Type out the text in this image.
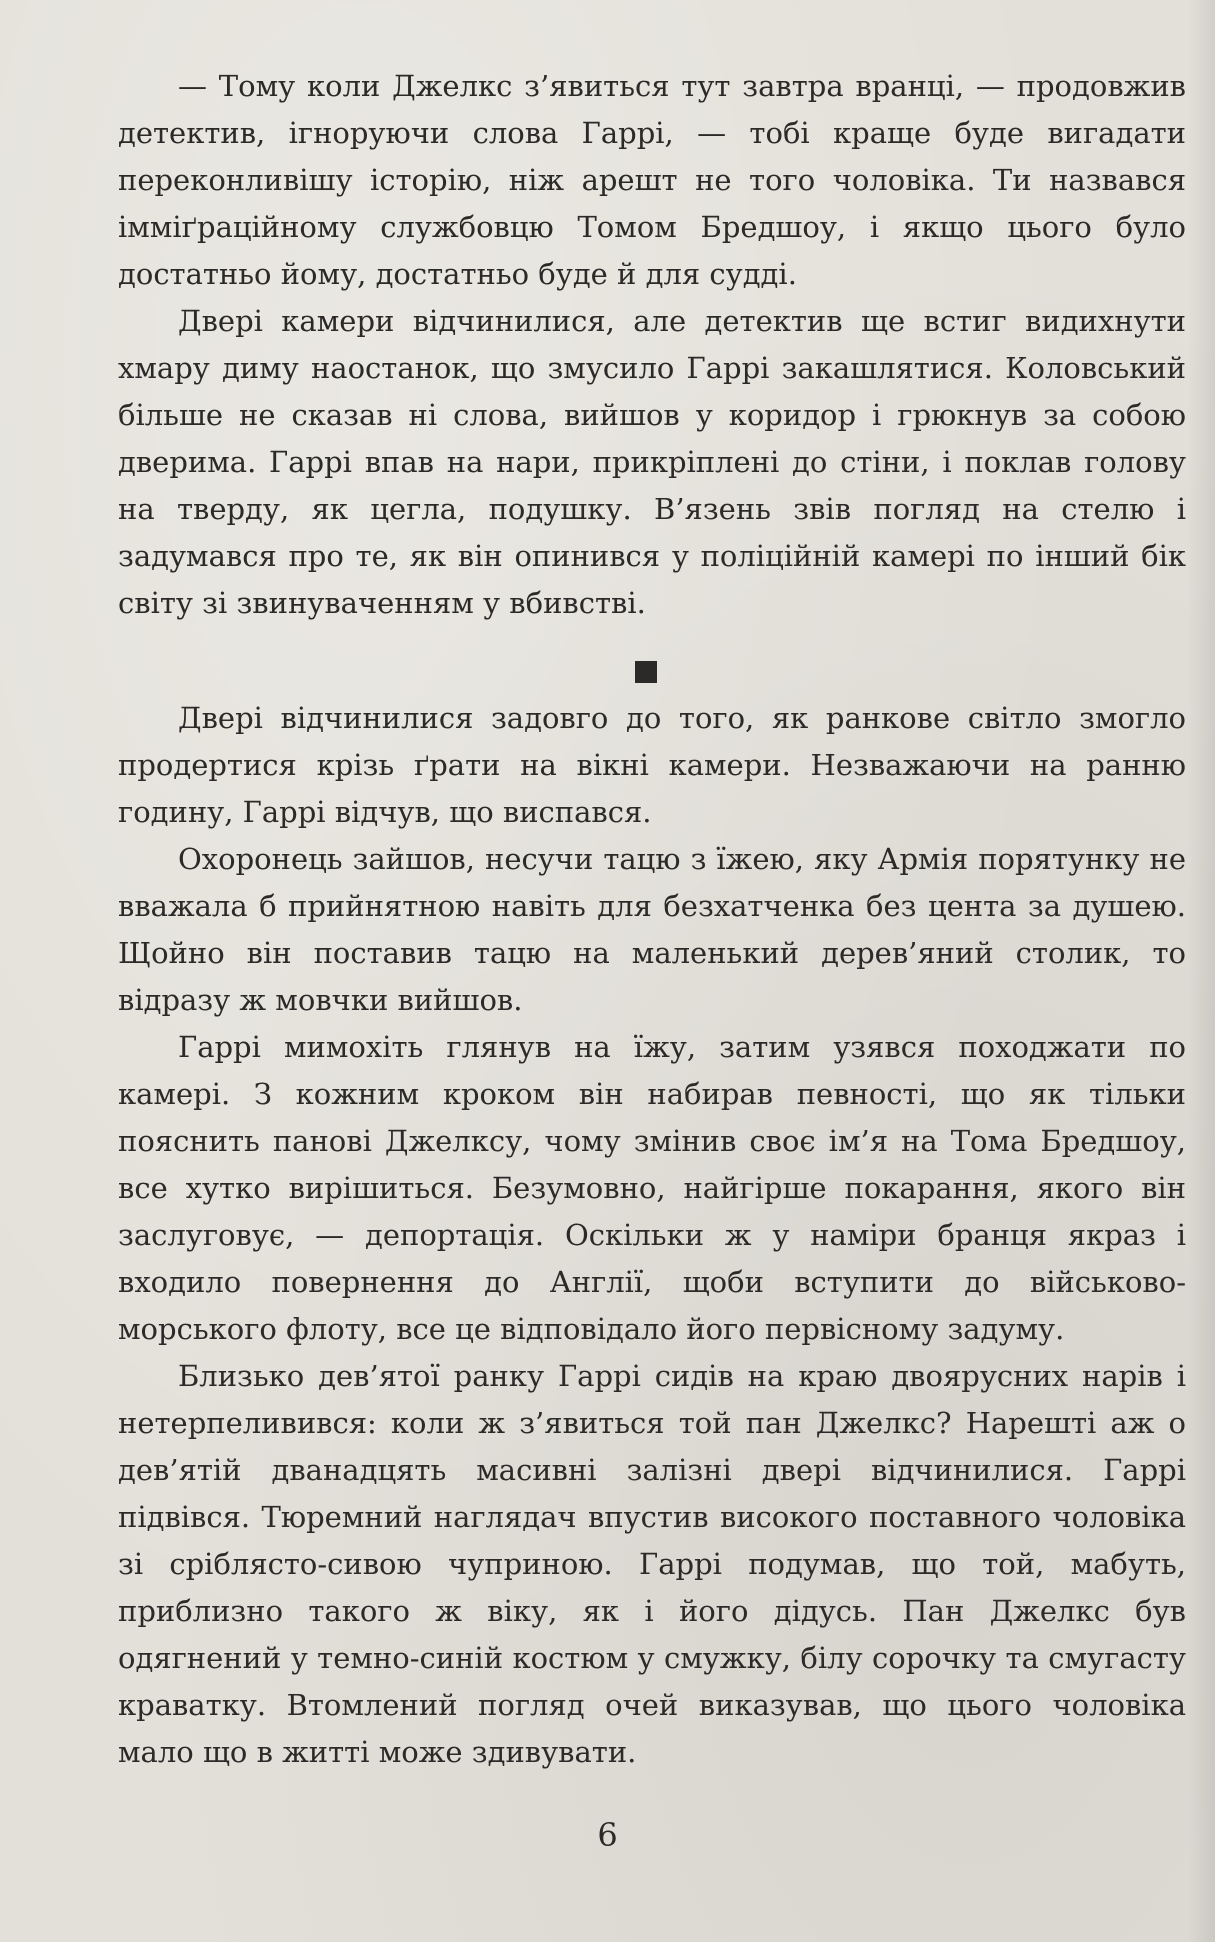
— Тому коли Джелкс з’явиться тут завтра вранці, — продовжив детектив, ігноруючи слова Гаррі, — тобі краще буде вигадати переконливішу історію, ніж арешт не того чоловіка. Ти назвався імміґраційному службовцю Томом Бредшоу, і якщо цього було достатньо йому, достатньо буде й для судді.

Двері камери відчинилися, але детектив ще встиг видихнути хмару диму наостанок, що змусило Гаррі закашлятися. Коловський більше не сказав ні слова, вийшов у коридор і грюкнув за собою дверима. Гаррі впав на нари, прикріплені до стіни, і поклав голову на тверду, як цегла, подушку. В’язень звів погляд на стелю і задумався про те, як він опинився у поліційній камері по інший бік світу зі звинуваченням у вбивстві.

Двері відчинилися задовго до того, як ранкове світло змогло продертися крізь ґрати на вікні камери. Незважаючи на ранню годину, Гаррі відчув, що виспався.

Охоронець зайшов, несучи тацю з їжею, яку Армія порятунку не вважала б прийнятною навіть для безхатченка без цента за душею. Щойно він поставив тацю на маленький дерев’яний столик, то відразу ж мовчки вийшов.

Гаррі мимохіть глянув на їжу, затим узявся походжати по камері. З кожним кроком він набирав певності, що як тільки пояснить панові Джелксу, чому змінив своє ім’я на Тома Бредшоу, все хутко вирішиться. Безумовно, найгірше покарання, якого він заслуговує, — депортація. Оскільки ж у наміри бранця якраз і входило повернення до Англії, щоби вступити до військово-морського флоту, все це відповідало його первісному задуму.

Близько дев’ятої ранку Гаррі сидів на краю двоярусних нарів і нетерпеливився: коли ж з’явиться той пан Джелкс? Нарешті аж о дев’ятій дванадцять масивні залізні двері відчинилися. Гаррі підвівся. Тюремний наглядач впустив високого поставного чоловіка зі сріблясто-сивою чуприною. Гаррі подумав, що той, мабуть, приблизно такого ж віку, як і його дідусь. Пан Джелкс був одягнений у темно-синій костюм у смужку, білу сорочку та смугасту краватку. Втомлений погляд очей виказував, що цього чоловіка мало що в житті може здивувати.

6
